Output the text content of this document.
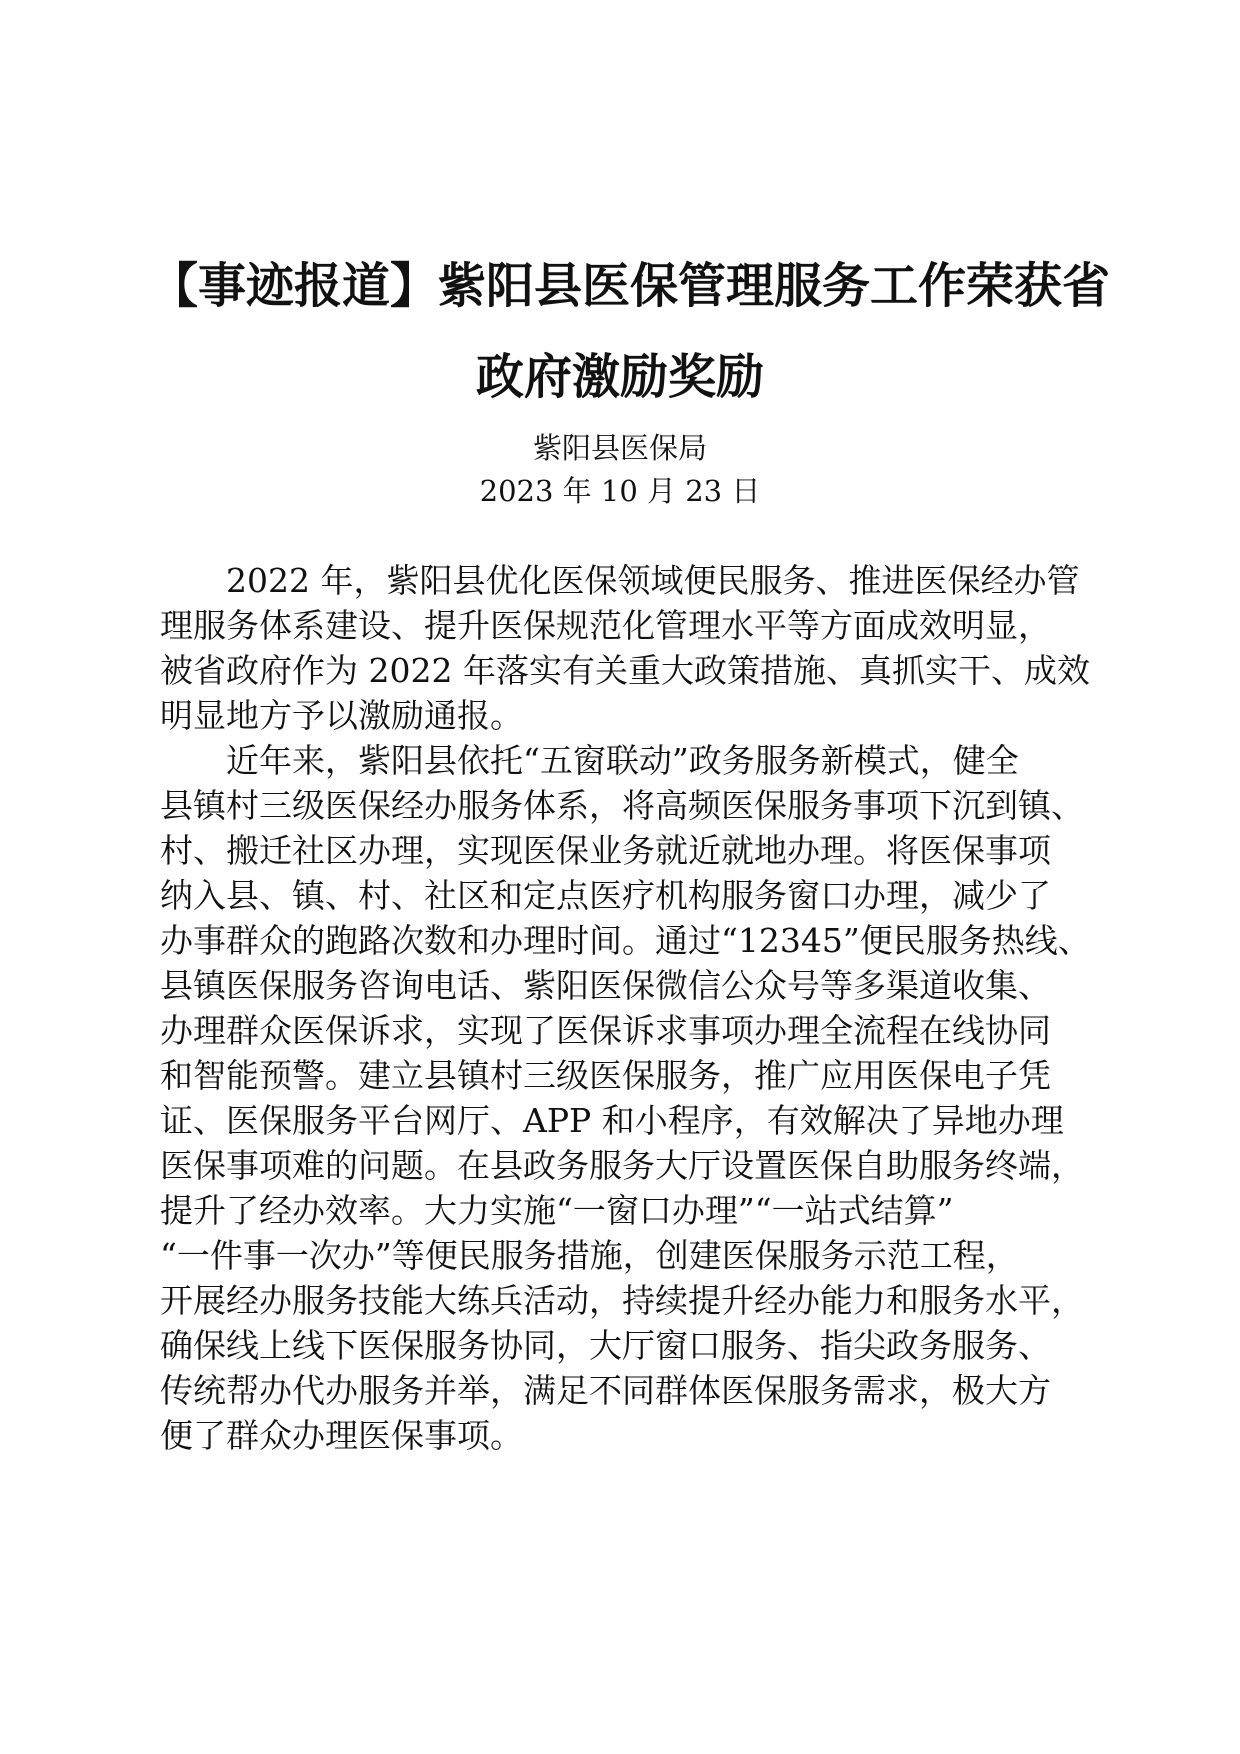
【事迹报道】紫阳县医保管理服务工作荣获省
政府激励奖励
紫阳县医保局
2023 年 10 月 23 日

2022 年，紫阳县优化医保领域便民服务、推进医保经办管
理服务体系建设、提升医保规范化管理水平等方面成效明显，
被省政府作为 2022 年落实有关重大政策措施、真抓实干、成效
明显地方予以激励通报。

近年来，紫阳县依托“五窗联动”政务服务新模式，健全
县镇村三级医保经办服务体系，将高频医保服务事项下沉到镇、
村、搬迁社区办理，实现医保业务就近就地办理。将医保事项
纳入县、镇、村、社区和定点医疗机构服务窗口办理，减少了
办事群众的跑路次数和办理时间。通过“12345”便民服务热线、
县镇医保服务咨询电话、紫阳医保微信公众号等多渠道收集、
办理群众医保诉求，实现了医保诉求事项办理全流程在线协同
和智能预警。建立县镇村三级医保服务，推广应用医保电子凭
证、医保服务平台网厅、APP 和小程序，有效解决了异地办理
医保事项难的问题。在县政务服务大厅设置医保自助服务终端，
提升了经办效率。大力实施“一窗口办理”“一站式结算”
“一件事一次办”等便民服务措施，创建医保服务示范工程，
开展经办服务技能大练兵活动，持续提升经办能力和服务水平，
确保线上线下医保服务协同，大厅窗口服务、指尖政务服务、
传统帮办代办服务并举，满足不同群体医保服务需求，极大方
便了群众办理医保事项。
